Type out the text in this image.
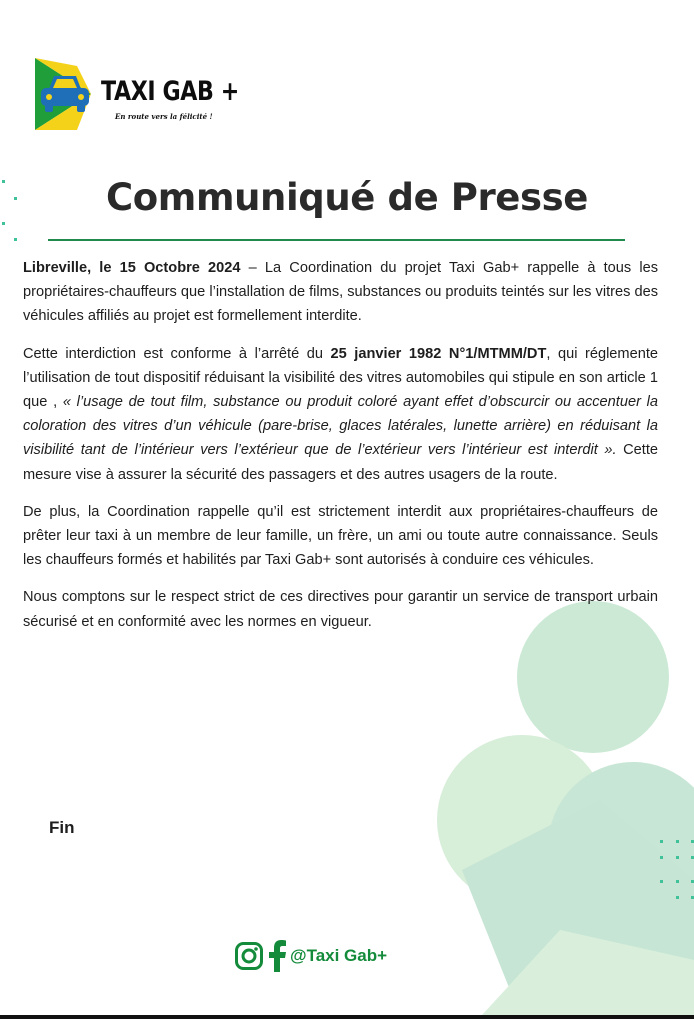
TAXI GAB +
En route vers la félicité !
Communiqué de Presse

Libreville, le 15 Octobre 2024 – La Coordination du projet Taxi Gab+ rappelle à tous les propriétaires-chauffeurs que l’installation de films, substances ou produits teintés sur les vitres des véhicules affiliés au projet est formellement interdite.

Cette interdiction est conforme à l’arrêté du 25 janvier 1982 N°1/MTMM/DT, qui réglemente l’utilisation de tout dispositif réduisant la visibilité des vitres automobiles qui stipule en son article 1 que , « l’usage de tout film, substance ou produit coloré ayant effet d’obscurcir ou accentuer la coloration des vitres d’un véhicule (pare-brise, glaces latérales, lunette arrière) en réduisant la visibilité tant de l’intérieur vers l’extérieur que de l’extérieur vers l’intérieur est interdit ». Cette mesure vise à assurer la sécurité des passagers et des autres usagers de la route.

De plus, la Coordination rappelle qu’il est strictement interdit aux propriétaires-chauffeurs de prêter leur taxi à un membre de leur famille, un frère, un ami ou toute autre connaissance. Seuls les chauffeurs formés et habilités par Taxi Gab+ sont autorisés à conduire ces véhicules.

Nous comptons sur le respect strict de ces directives pour garantir un service de transport urbain sécurisé et en conformité avec les normes en vigueur.

Fin
@Taxi Gab+
